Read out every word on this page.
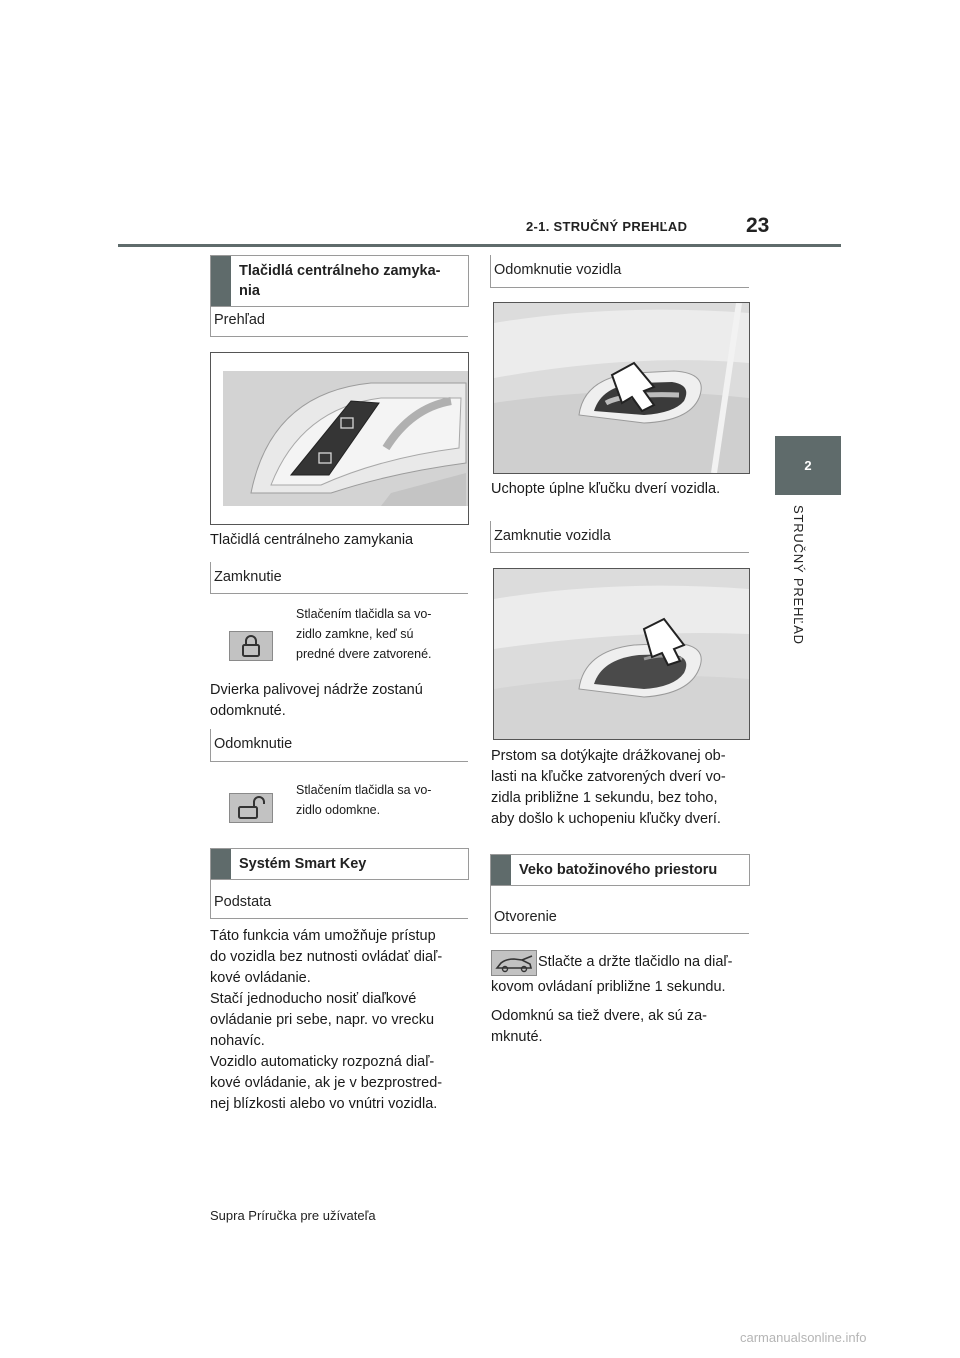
2-1. STRUČNÝ PREHĽAD	23
2
STRUČNÝ PREHĽAD
Tlačidlá centrálneho zamyka-
nia
Prehľad
Tlačidlá centrálneho zamykania
Zamknutie
Stlačením tlačidla sa vo-
zidlo zamkne, keď sú
predné dvere zatvorené.
Dvierka palivovej nádrže zostanú
odomknuté.
Odomknutie
Stlačením tlačidla sa vo-
zidlo odomkne.
Systém Smart Key
Podstata
Táto funkcia vám umožňuje prístup
do vozidla bez nutnosti ovládať diaľ-
kové ovládanie.
Stačí jednoducho nosiť diaľkové
ovládanie pri sebe, napr. vo vrecku
nohavíc.
Vozidlo automaticky rozpozná diaľ-
kové ovládanie, ak je v bezprostred-
nej blízkosti alebo vo vnútri vozidla.
Odomknutie vozidla
Uchopte úplne kľučku dverí vozidla.
Zamknutie vozidla
Prstom sa dotýkajte drážkovanej ob-
lasti na kľučke zatvorených dverí vo-
zidla približne 1 sekundu, bez toho,
aby došlo k uchopeniu kľučky dverí.
Veko batožinového priestoru
Otvorenie
Stlačte a držte tlačidlo na diaľ-
kovom ovládaní približne 1 sekundu.
Odomknú sa tiež dvere, ak sú za-
mknuté.
Supra Príručka pre užívateľa
carmanualsonline.info
